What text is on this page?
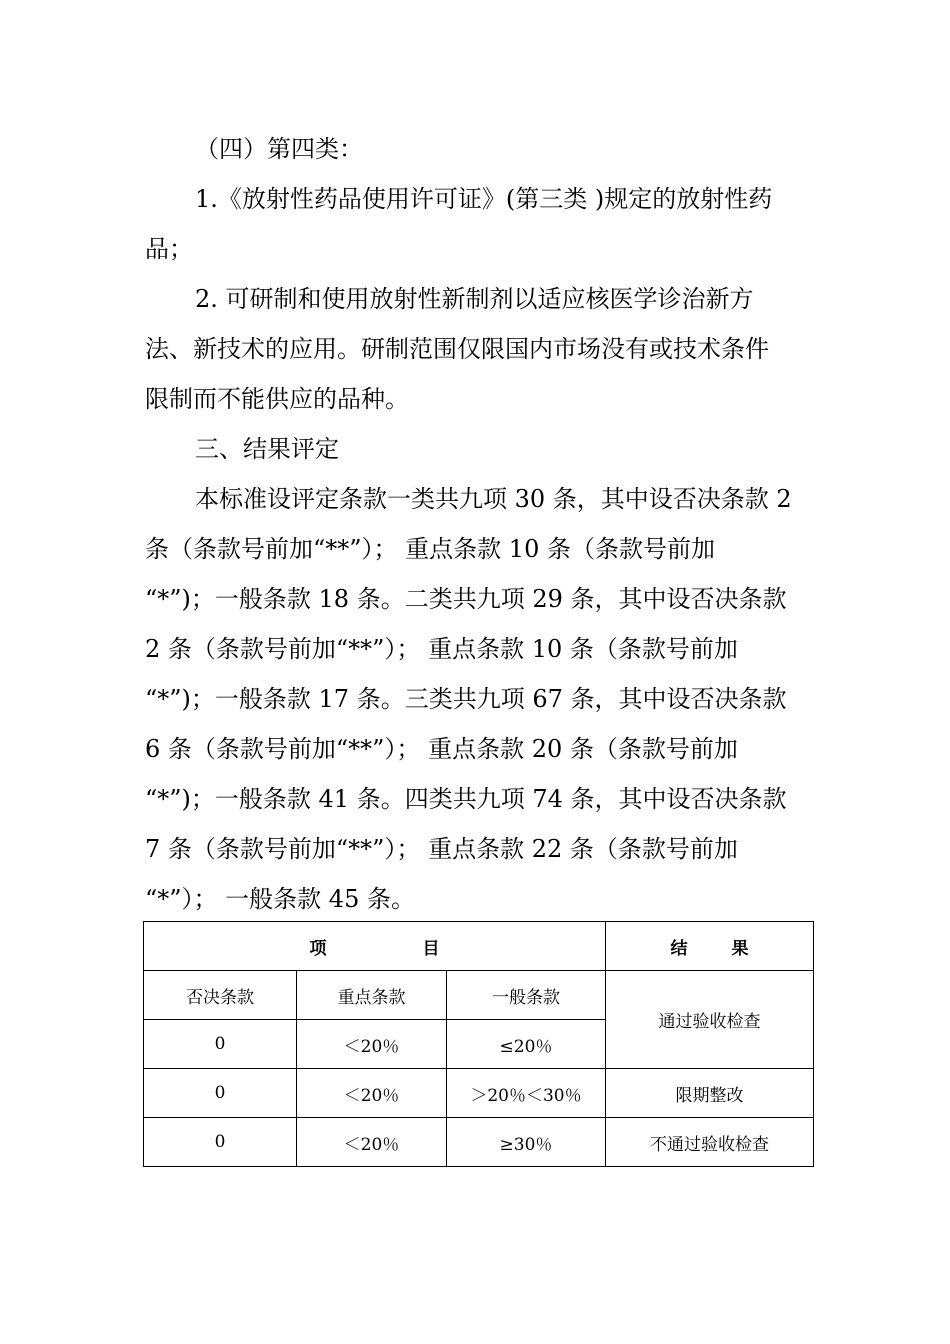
（四）第四类：
1.《放射性药品使用许可证》(第三类 )规定的放射性药
品；
2. 可研制和使用放射性新制剂以适应核医学诊治新方
法、新技术的应用。研制范围仅限国内市场没有或技术条件
限制而不能供应的品种。
三、结果评定
本标准设评定条款一类共九项 30 条，其中设否决条款 2
条（条款号前加“**”）； 重点条款 10 条（条款号前加
“*”)；一般条款 18 条。二类共九项 29 条，其中设否决条款
2 条（条款号前加“**”）； 重点条款 10 条（条款号前加
“*”)；一般条款 17 条。三类共九项 67 条，其中设否决条款
6 条（条款号前加“**”）； 重点条款 20 条（条款号前加
“*”)；一般条款 41 条。四类共九项 74 条，其中设否决条款
7 条（条款号前加“**”）； 重点条款 22 条（条款号前加
“*”）； 一般条款 45 条。
项 目			结 果
否决条款	重点条款	一般条款	通过验收检查
0	＜20％	≤20％	
0	＜20％	＞20％＜30％	限期整改
0	＜20％	≥30％	不通过验收检查
